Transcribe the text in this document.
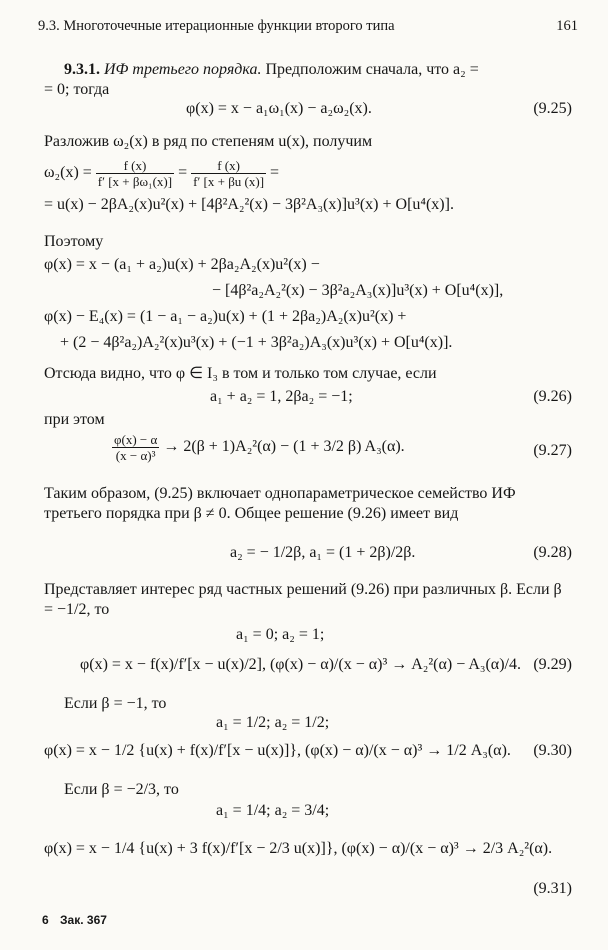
9.3. Многоточечные итерационные функции второго типа	161
9.3.1. ИФ третьего порядка. Предположим сначала, что a₂ =
= 0; тогда
φ(x) = x − a₁ω₁(x) − a₂ω₂(x).	(9.25)
Разложив ω₂(x) в ряд по степеням u(x), получим
$\omega_2(x) = \frac{f (x)}{\text{f′ [x + βω₁(x)]}} = \frac{f (x)}{f' [x + \beta u (x)]}$ =
= u(x) − 2βA₂(x)u²(x) + [4β²A₂²(x) − 3β²A₃(x)]u³(x) + O[u⁴(x)].
Поэтому
φ(x) = x − (a₁ + a₂)u(x) + 2βa₂A₂(x)u²(x) −
− [4β²a₂A₂²(x) − 3β²a₂A₃(x)]u³(x) + O[u⁴(x)],
φ(x) − E₄(x) = (1 − a₁ − a₂)u(x) + (1 + 2βa₂)A₂(x)u²(x) +
+ (2 − 4β²a₂)A₂²(x)u³(x) + (−1 + 3β²a₂)A₃(x)u³(x) + O[u⁴(x)].
Отсюда видно, что φ ∈ I₃ в том и только том случае, если
a₁ + a₂ = 1, 2βa₂ = −1;	(9.26)
при этом
$\frac{\varphi(x) - \alpha}{\text{(x − α)³}} \to 2(\beta + 1)A_2^2(\alpha) - (1 + 3/2$ β) A₃(α).	(9.27)
Таким образом, (9.25) включает однопараметрическое семейство ИФ третьего порядка при β ≠ 0. Общее решение (9.26) имеет вид
a₂ = − 1/2β, a₁ = (1 + 2β)/2β.	(9.28)
Представляет интерес ряд частных решений (9.26) при различных β. Если β = −1/2, то
a₁ = 0; a₂ = 1;
φ(x) = x − f(x)/f′[x − u(x)/2], (φ(x) − α)/(x − α)³ → A₂²(α) − A₃(α)/4. (9.29)
Если β = −1, то
a₁ = 1/2; a₂ = 1/2;
φ(x) = x − 1/2 {u(x) + f(x)/f′[x − u(x)]}, (φ(x) − α)/(x − α)³ → 1/2 A₃(α). (9.30)
Если β = −2/3, то
a₁ = 1/4; a₂ = 3/4;
φ(x) = x − 1/4 {u(x) + 3 f(x)/f′[x − 2/3 u(x)]}, (φ(x) − α)/(x − α)³ → 2/3 A₂²(α).
(9.31)
6 Зак. 367
